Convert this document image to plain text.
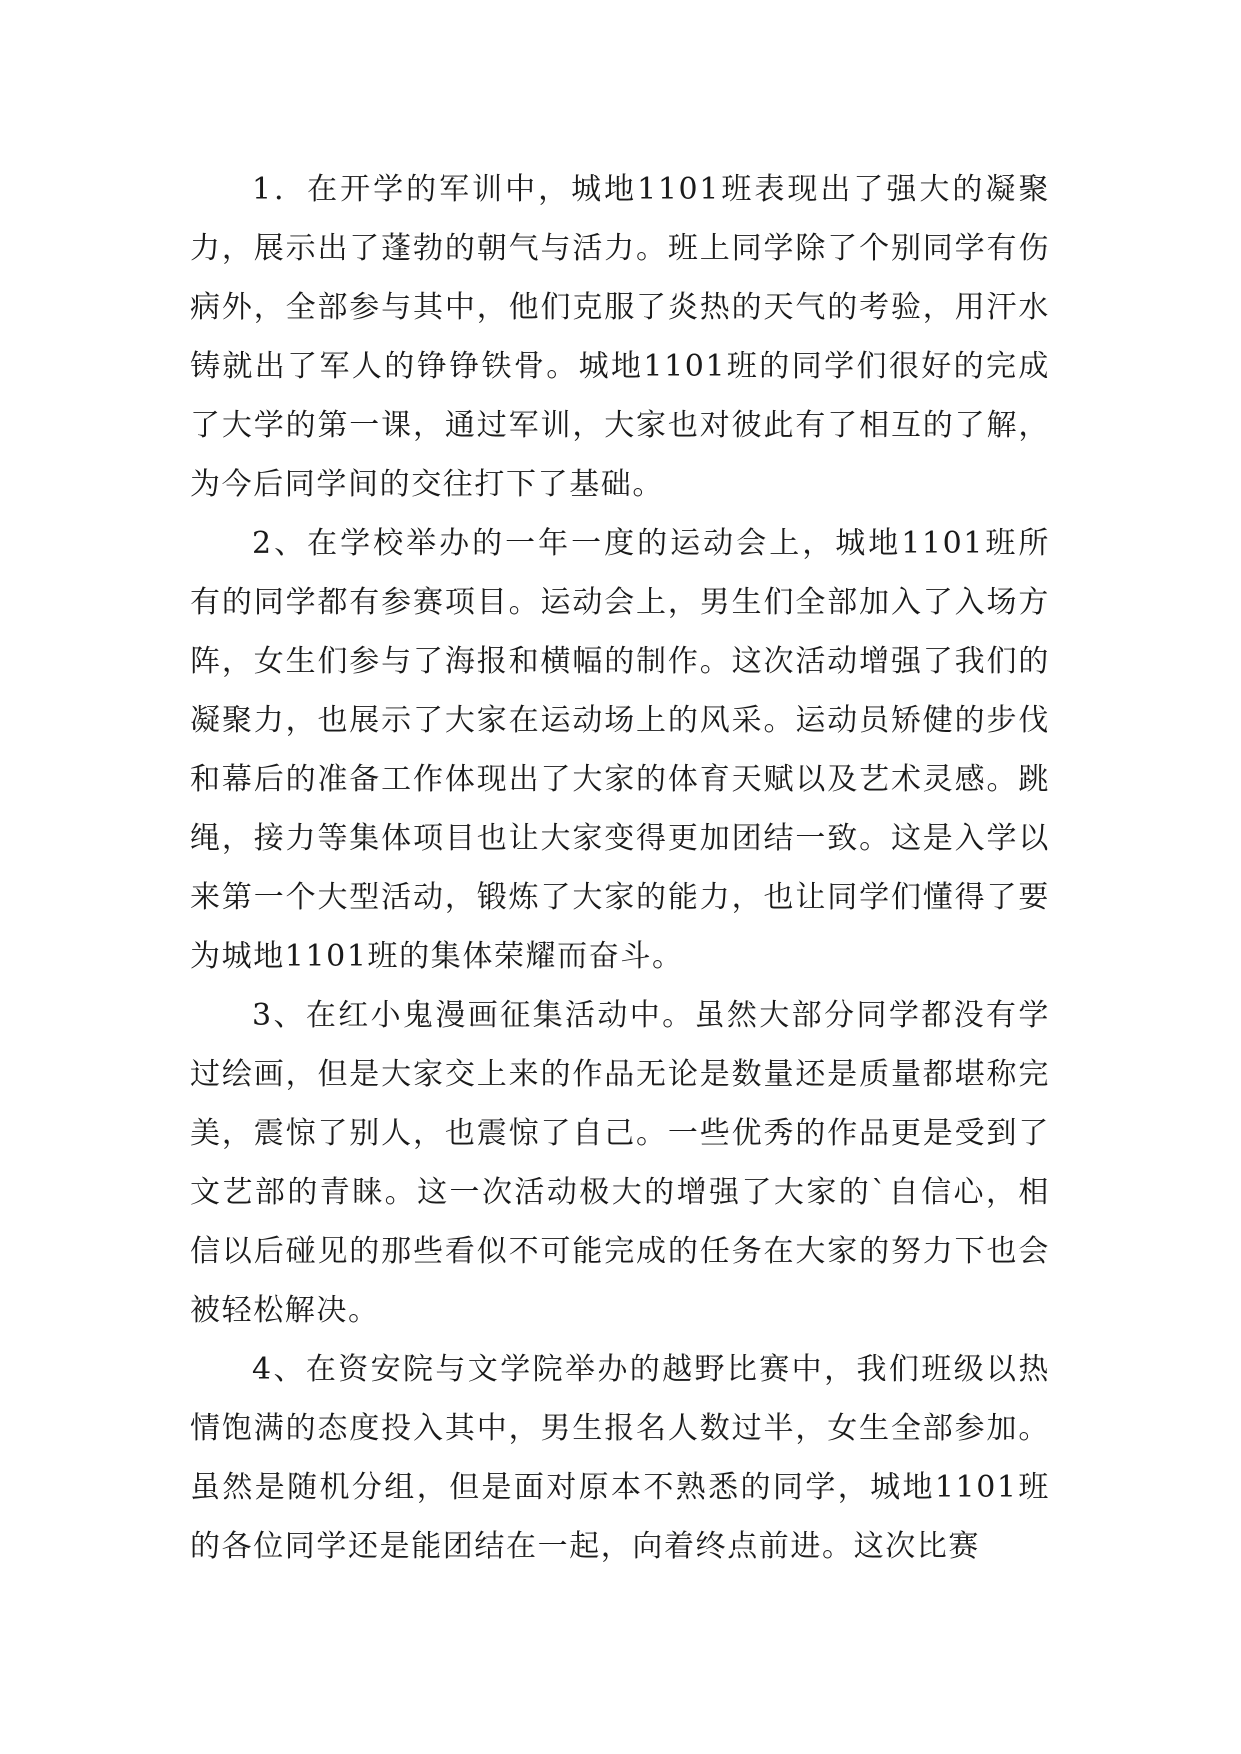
1．在开学的军训中，城地1101班表现出了强大的凝聚力，展示出了蓬勃的朝气与活力。班上同学除了个别同学有伤病外，全部参与其中，他们克服了炎热的天气的考验，用汗水铸就出了军人的铮铮铁骨。城地1101班的同学们很好的完成了大学的第一课，通过军训，大家也对彼此有了相互的了解，为今后同学间的交往打下了基础。

2、在学校举办的一年一度的运动会上，城地1101班所有的同学都有参赛项目。运动会上，男生们全部加入了入场方阵，女生们参与了海报和横幅的制作。这次活动增强了我们的凝聚力，也展示了大家在运动场上的风采。运动员矫健的步伐和幕后的准备工作体现出了大家的体育天赋以及艺术灵感。跳绳，接力等集体项目也让大家变得更加团结一致。这是入学以来第一个大型活动，锻炼了大家的能力，也让同学们懂得了要为城地1101班的集体荣耀而奋斗。

3、在红小鬼漫画征集活动中。虽然大部分同学都没有学过绘画，但是大家交上来的作品无论是数量还是质量都堪称完美，震惊了别人，也震惊了自己。一些优秀的作品更是受到了文艺部的青睐。这一次活动极大的增强了大家的`自信心，相信以后碰见的那些看似不可能完成的任务在大家的努力下也会被轻松解决。

4、在资安院与文学院举办的越野比赛中，我们班级以热情饱满的态度投入其中，男生报名人数过半，女生全部参加。虽然是随机分组，但是面对原本不熟悉的同学，城地1101班的各位同学还是能团结在一起，向着终点前进。这次比赛
